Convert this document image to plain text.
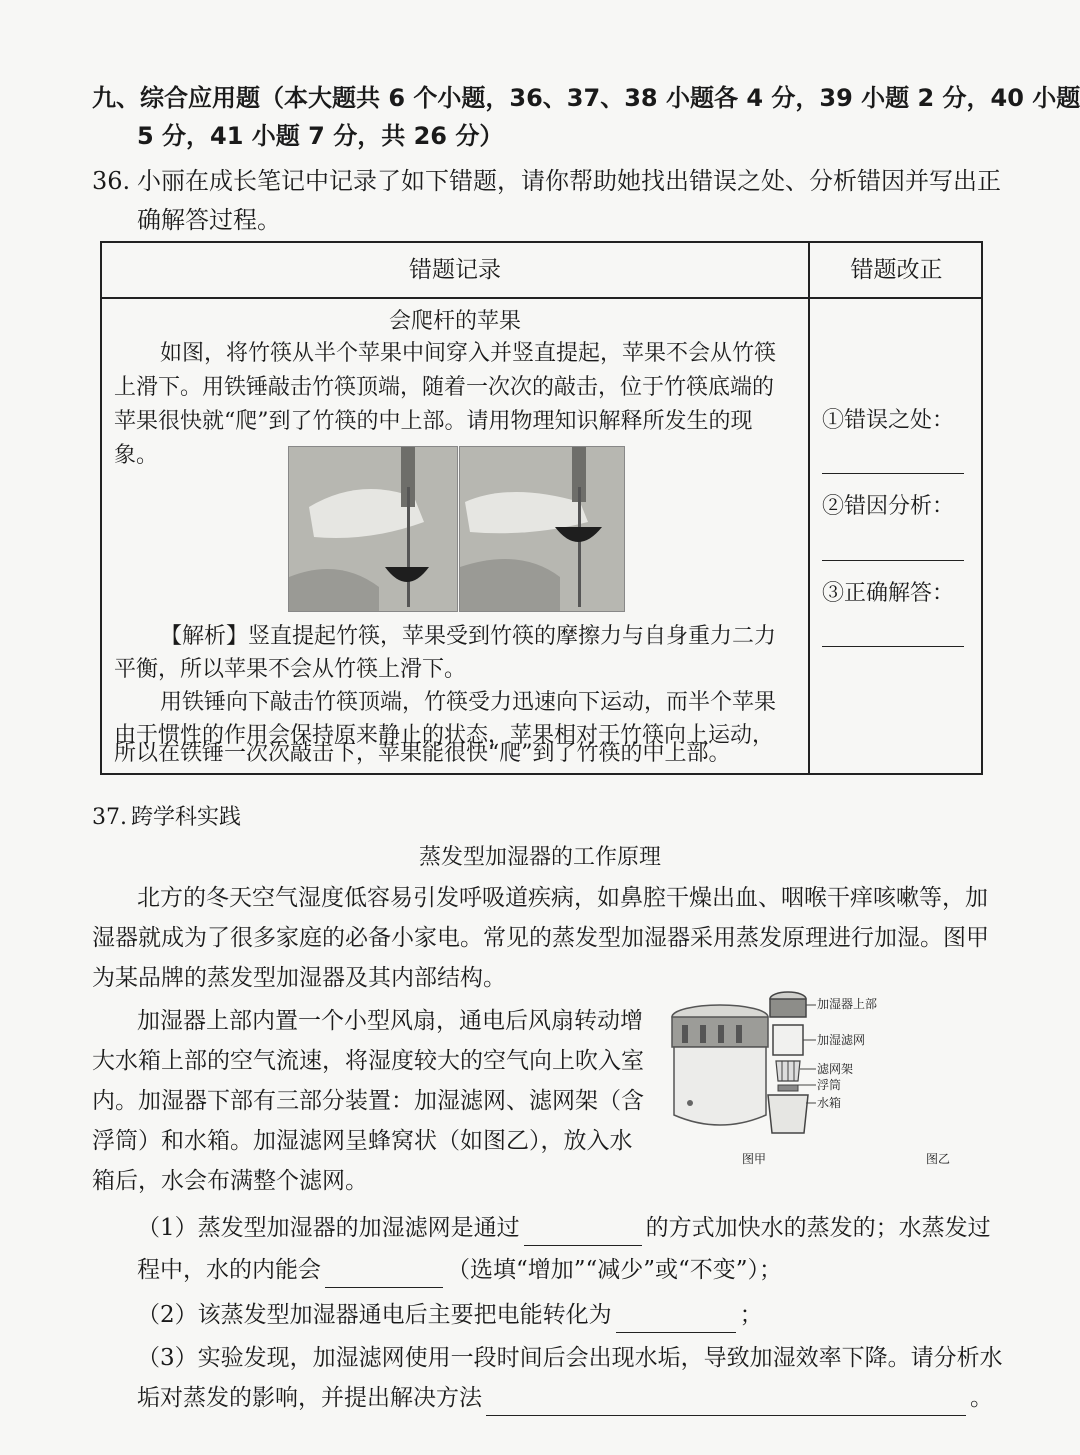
九、综合应用题（本大题共 6 个小题，36、37、38 小题各 4 分，39 小题 2 分，40 小题
5 分，41 小题 7 分，共 26 分）
36. 小丽在成长笔记中记录了如下错题，请你帮助她找出错误之处、分析错因并写出正
确解答过程。
错题记录	错题改正
会爬杆的苹果
如图，将竹筷从半个苹果中间穿入并竖直提起，苹果不会从竹筷
上滑下。用铁锤敲击竹筷顶端，随着一次次的敲击，位于竹筷底端的
苹果很快就“爬”到了竹筷的中上部。请用物理知识解释所发生的现
象。
【解析】竖直提起竹筷，苹果受到竹筷的摩擦力与自身重力二力
平衡，所以苹果不会从竹筷上滑下。
用铁锤向下敲击竹筷顶端，竹筷受力迅速向下运动，而半个苹果
由于惯性的作用会保持原来静止的状态，苹果相对于竹筷向上运动，
所以在铁锤一次次敲击下，苹果能很快“爬”到了竹筷的中上部。
①错误之处：
②错因分析：
③正确解答：
37. 跨学科实践
蒸发型加湿器的工作原理
北方的冬天空气湿度低容易引发呼吸道疾病，如鼻腔干燥出血、咽喉干痒咳嗽等，加
湿器就成为了很多家庭的必备小家电。常见的蒸发型加湿器采用蒸发原理进行加湿。图甲
为某品牌的蒸发型加湿器及其内部结构。
加湿器上部内置一个小型风扇，通电后风扇转动增
大水箱上部的空气流速，将湿度较大的空气向上吹入室
内。加湿器下部有三部分装置：加湿滤网、滤网架（含
浮筒）和水箱。加湿滤网呈蜂窝状（如图乙），放入水
箱后，水会布满整个滤网。
加湿器上部
加湿滤网
滤网架
浮筒
水箱
图甲	图乙
（1）蒸发型加湿器的加湿滤网是通过	的方式加快水的蒸发的；水蒸发过
程中，水的内能会	（选填“增加”“减少”或“不变”）；
（2）该蒸发型加湿器通电后主要把电能转化为	；
（3）实验发现，加湿滤网使用一段时间后会出现水垢，导致加湿效率下降。请分析水
垢对蒸发的影响，并提出解决方法	。
